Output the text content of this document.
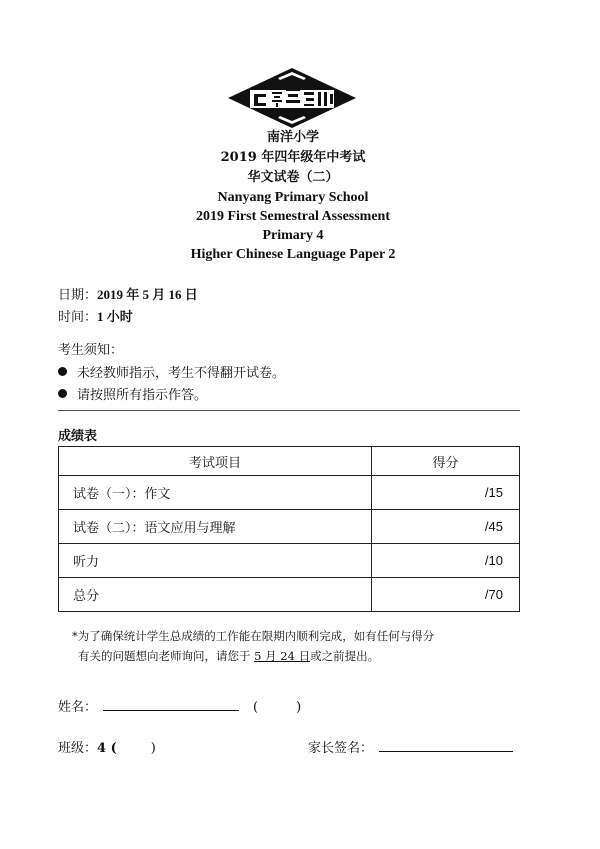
南洋小学
2019 年四年级年中考试
华文试卷（二）
Nanyang Primary School
2019 First Semestral Assessment
Primary 4
Higher Chinese Language Paper 2
日期：2019 年 5 月 16 日
时间：1 小时
考生须知：
未经教师指示，考生不得翻开试卷。
请按照所有指示作答。
成绩表
考试项目	得分
试卷（一）：作文	/15
试卷（二）：语文应用与理解	/45
听力	/10
总分	/70
*为了确保统计学生总成绩的工作能在限期内顺利完成，如有任何与得分
有关的问题想向老师询问，请您于 5 月 24 日或之前提出。
姓名：	(	)
班级： 4 (	)	家长签名：
